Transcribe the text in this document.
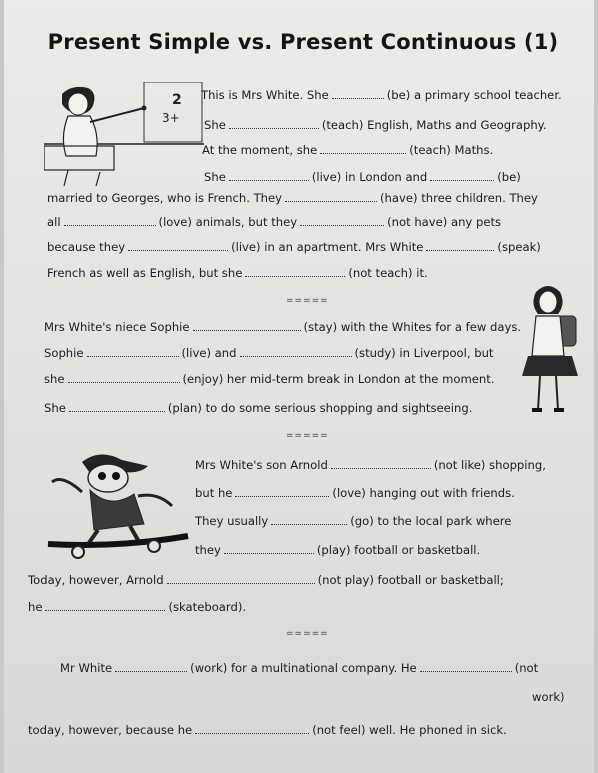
Present Simple vs. Present Continuous (1)
2
3+
This is Mrs White. She	(be) a primary school teacher.
She	(teach) English, Maths and Geography.
At the moment, she	(teach) Maths.
She	(live) in London and	(be)
married to Georges, who is French. They	(have) three children. They
all	(love) animals, but they	(not have) any pets
because they	(live) in an apartment. Mrs White	(speak)
French as well as English, but she	(not teach) it.
=====
Mrs White's niece Sophie	(stay) with the Whites for a few days.
Sophie	(live) and	(study) in Liverpool, but
she	(enjoy) her mid-term break in London at the moment.
She	(plan) to do some serious shopping and sightseeing.
=====
Mrs White's son Arnold	(not like) shopping,
but he	(love) hanging out with friends.
They usually	(go) to the local park where
they	(play) football or basketball.
Today, however, Arnold	(not play) football or basketball;
he	(skateboard).
=====
Mr White	(work) for a multinational company. He	(not
work)
today, however, because he	(not feel) well. He phoned in sick.
